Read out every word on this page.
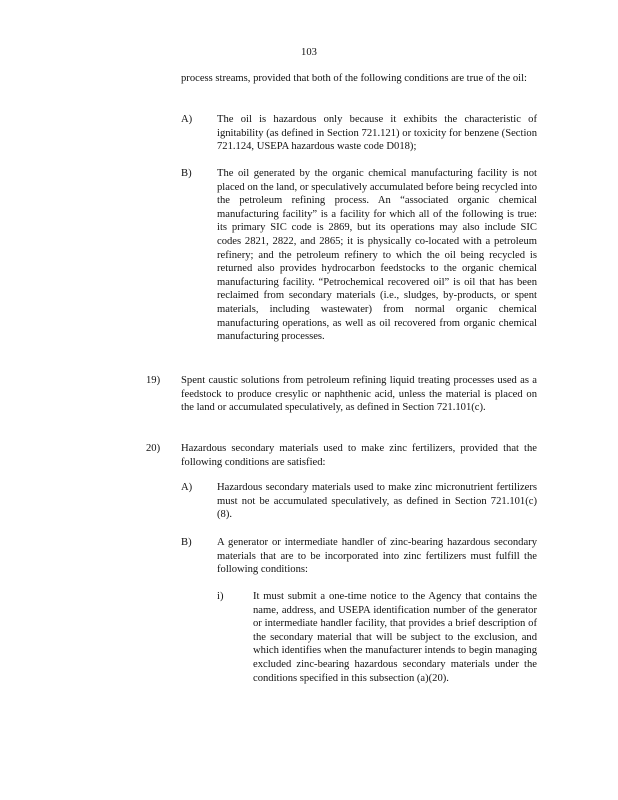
103
process streams, provided that both of the following conditions are true of the oil:
A) The oil is hazardous only because it exhibits the characteristic of ignitability (as defined in Section 721.121) or toxicity for benzene (Section 721.124, USEPA hazardous waste code D018);
B) The oil generated by the organic chemical manufacturing facility is not placed on the land, or speculatively accumulated before being recycled into the petroleum refining process. An “associated organic chemical manufacturing facility” is a facility for which all of the following is true: its primary SIC code is 2869, but its operations may also include SIC codes 2821, 2822, and 2865; it is physically co-located with a petroleum refinery; and the petroleum refinery to which the oil being recycled is returned also provides hydrocarbon feedstocks to the organic chemical manufacturing facility. “Petrochemical recovered oil” is oil that has been reclaimed from secondary materials (i.e., sludges, by-products, or spent materials, including wastewater) from normal organic chemical manufacturing operations, as well as oil recovered from organic chemical manufacturing processes.
19) Spent caustic solutions from petroleum refining liquid treating processes used as a feedstock to produce cresylic or naphthenic acid, unless the material is placed on the land or accumulated speculatively, as defined in Section 721.101(c).
20) Hazardous secondary materials used to make zinc fertilizers, provided that the following conditions are satisfied:
A) Hazardous secondary materials used to make zinc micronutrient fertilizers must not be accumulated speculatively, as defined in Section 721.101(c)(8).
B) A generator or intermediate handler of zinc-bearing hazardous secondary materials that are to be incorporated into zinc fertilizers must fulfill the following conditions:
i)	It must submit a one-time notice to the Agency that contains the name, address, and USEPA identification number of the generator or intermediate handler facility, that provides a brief description of the secondary material that will be subject to the exclusion, and which identifies when the manufacturer intends to begin managing excluded zinc-bearing hazardous secondary materials under the conditions specified in this subsection (a)(20).
